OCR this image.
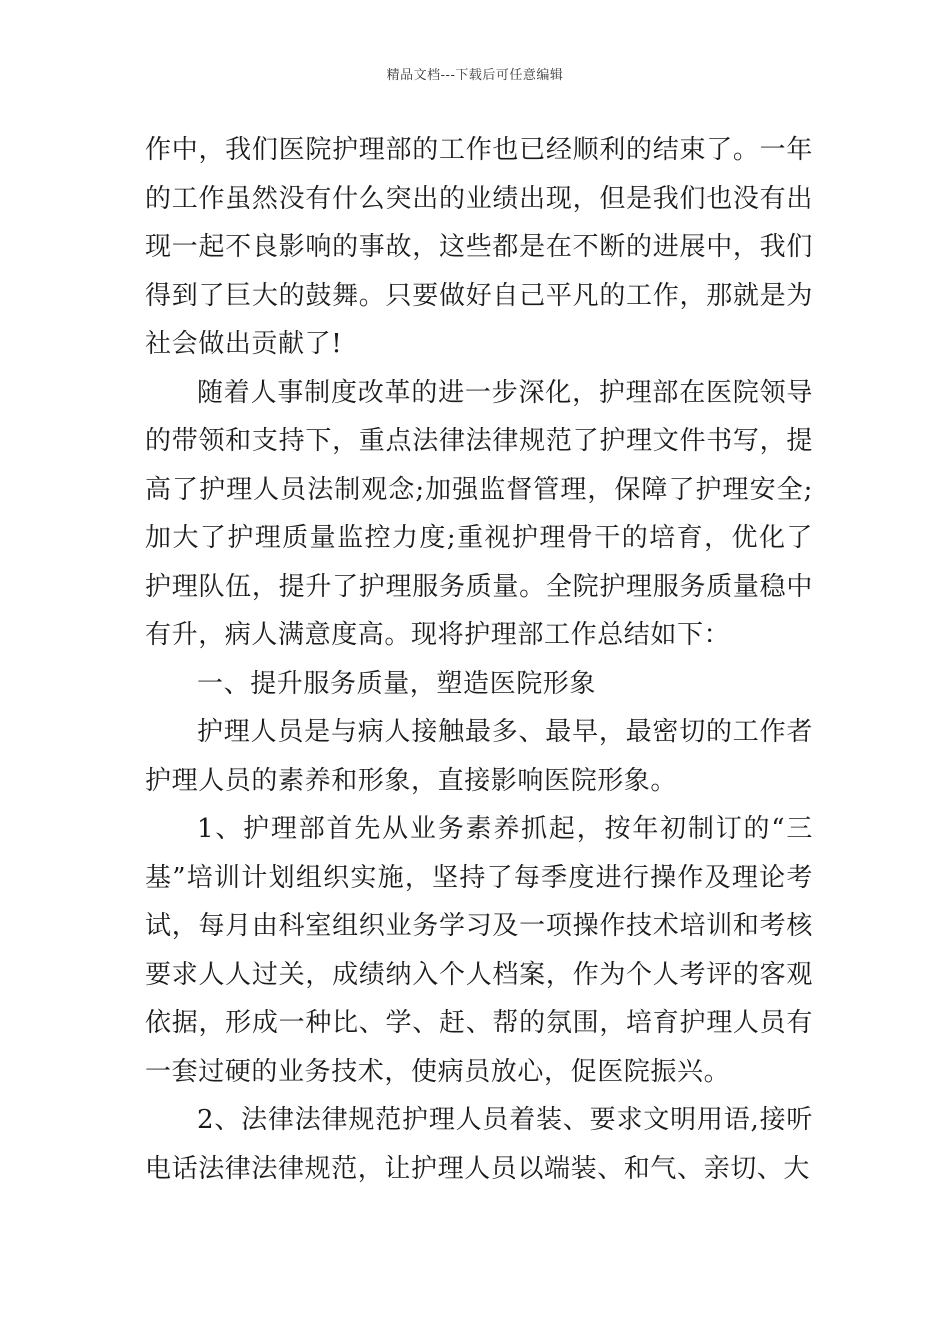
精品文档---下载后可任意编辑

作中，我们医院护理部的工作也已经顺利的结束了。一年的工作虽然没有什么突出的业绩出现，但是我们也没有出现一起不良影响的事故，这些都是在不断的进展中，我们得到了巨大的鼓舞。只要做好自己平凡的工作，那就是为社会做出贡献了!

随着人事制度改革的进一步深化，护理部在医院领导的带领和支持下，重点法律法律规范了护理文件书写，提高了护理人员法制观念;加强监督管理，保障了护理安全;加大了护理质量监控力度;重视护理骨干的培育，优化了护理队伍，提升了护理服务质量。全院护理服务质量稳中有升，病人满意度高。现将护理部工作总结如下：

一、提升服务质量，塑造医院形象

护理人员是与病人接触最多、最早，最密切的工作者护理人员的素养和形象，直接影响医院形象。

1、护理部首先从业务素养抓起，按年初制订的“三基”培训计划组织实施，坚持了每季度进行操作及理论考试，每月由科室组织业务学习及一项操作技术培训和考核要求人人过关，成绩纳入个人档案，作为个人考评的客观依据，形成一种比、学、赶、帮的氛围，培育护理人员有一套过硬的业务技术，使病员放心，促医院振兴。

2、法律法律规范护理人员着装、要求文明用语,接听电话法律法律规范，让护理人员以端装、和气、亲切、大
